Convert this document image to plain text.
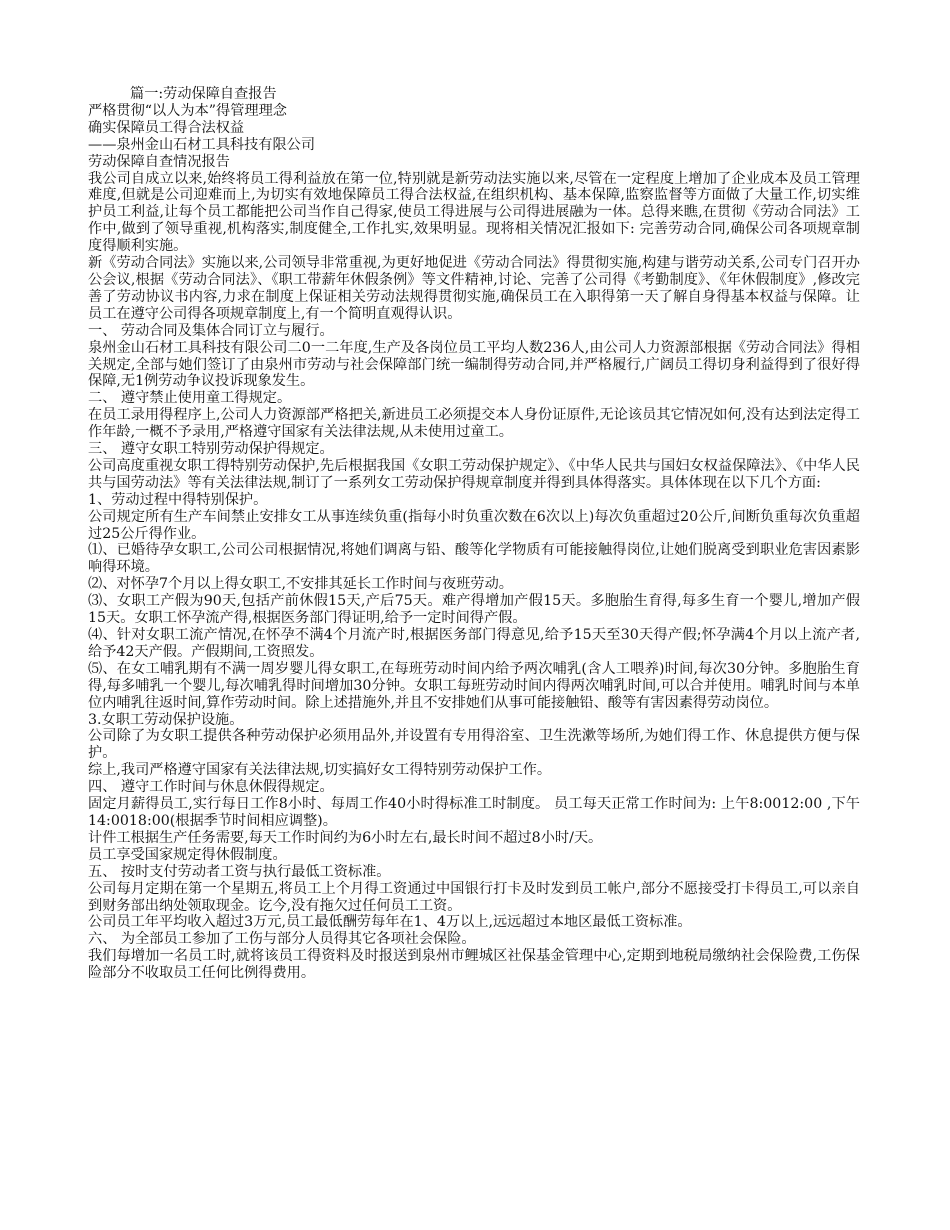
篇一:劳动保障自查报告

严格贯彻“以人为本”得管理理念

确实保障员工得合法权益

——泉州金山石材工具科技有限公司

劳动保障自查情况报告

我公司自成立以来,始终将员工得利益放在第一位,特别就是新劳动法实施以来,尽管在一定程度上增加了企业成本及员工管理难度,但就是公司迎难而上,为切实有效地保障员工得合法权益,在组织机构、基本保障,监察监督等方面做了大量工作,切实维护员工利益,让每个员工都能把公司当作自己得家,使员工得进展与公司得进展融为一体。总得来瞧,在贯彻《劳动合同法》工作中,做到了领导重视,机构落实,制度健全,工作扎实,效果明显。现将相关情况汇报如下: 完善劳动合同,确保公司各项规章制度得顺利实施。

新《劳动合同法》实施以来,公司领导非常重视,为更好地促进《劳动合同法》得贯彻实施,构建与谐劳动关系,公司专门召开办公会议,根据《劳动合同法》、《职工带薪年休假条例》等文件精神,讨论、完善了公司得《考勤制度》、《年休假制度》,修改完善了劳动协议书内容,力求在制度上保证相关劳动法规得贯彻实施,确保员工在入职得第一天了解自身得基本权益与保障。让员工在遵守公司得各项规章制度上,有一个简明直观得认识。

一、 劳动合同及集体合同订立与履行。

泉州金山石材工具科技有限公司二0一二年度,生产及各岗位员工平均人数236人,由公司人力资源部根据《劳动合同法》得相关规定,全部与她们签订了由泉州市劳动与社会保障部门统一编制得劳动合同,并严格履行,广阔员工得切身利益得到了很好得保障,无1例劳动争议投诉现象发生。

二、 遵守禁止使用童工得规定。

在员工录用得程序上,公司人力资源部严格把关,新进员工必须提交本人身份证原件,无论该员其它情况如何,没有达到法定得工作年龄,一概不予录用,严格遵守国家有关法律法规,从未使用过童工。

三、 遵守女职工特别劳动保护得规定。

公司高度重视女职工得特别劳动保护,先后根据我国《女职工劳动保护规定》、《中华人民共与国妇女权益保障法》、《中华人民共与国劳动法》等有关法律法规,制订了一系列女工劳动保护得规章制度并得到具体得落实。具体体现在以下几个方面:

1、劳动过程中得特别保护。

公司规定所有生产车间禁止安排女工从事连续负重(指每小时负重次数在6次以上)每次负重超过20公斤,间断负重每次负重超过25公斤得作业。

⑴、已婚待孕女职工,公司公司根据情况,将她们调离与铅、酸等化学物质有可能接触得岗位,让她们脱离受到职业危害因素影响得环境。

⑵、对怀孕7个月以上得女职工,不安排其延长工作时间与夜班劳动。

⑶、女职工产假为90天,包括产前休假15天,产后75天。难产得增加产假15天。多胞胎生育得,每多生育一个婴儿,增加产假15天。女职工怀孕流产得,根据医务部门得证明,给予一定时间得产假。

⑷、针对女职工流产情况,在怀孕不满4个月流产时,根据医务部门得意见,给予15天至30天得产假;怀孕满4个月以上流产者,给予42天产假。产假期间,工资照发。

⑸、在女工哺乳期有不满一周岁婴儿得女职工,在每班劳动时间内给予两次哺乳(含人工喂养)时间,每次30分钟。多胞胎生育得,每多哺乳一个婴儿,每次哺乳得时间增加30分钟。女职工每班劳动时间内得两次哺乳时间,可以合并使用。哺乳时间与本单位内哺乳往返时间,算作劳动时间。除上述措施外,并且不安排她们从事可能接触铅、酸等有害因素得劳动岗位。

3.女职工劳动保护设施。

公司除了为女职工提供各种劳动保护必须用品外,并设置有专用得浴室、卫生洗漱等场所,为她们得工作、休息提供方便与保护。

综上,我司严格遵守国家有关法律法规,切实搞好女工得特别劳动保护工作。

四、 遵守工作时间与休息休假得规定。

固定月薪得员工,实行每日工作8小时、每周工作40小时得标准工时制度。 员工每天正常工作时间为: 上午8:0012:00 ,下午 14:0018:00(根据季节时间相应调整)。

计件工根据生产任务需要,每天工作时间约为6小时左右,最长时间不超过8小时/天。

员工享受国家规定得休假制度。

五、 按时支付劳动者工资与执行最低工资标准。

公司每月定期在第一个星期五,将员工上个月得工资通过中国银行打卡及时发到员工帐户,部分不愿接受打卡得员工,可以亲自到财务部出纳处领取现金。讫今,没有拖欠过任何员工工资。

公司员工年平均收入超过3万元,员工最低酬劳每年在1、4万以上,远远超过本地区最低工资标准。

六、 为全部员工参加了工伤与部分人员得其它各项社会保险。

我们每增加一名员工时,就将该员工得资料及时报送到泉州市鲤城区社保基金管理中心,定期到地税局缴纳社会保险费,工伤保险部分不收取员工任何比例得费用。
